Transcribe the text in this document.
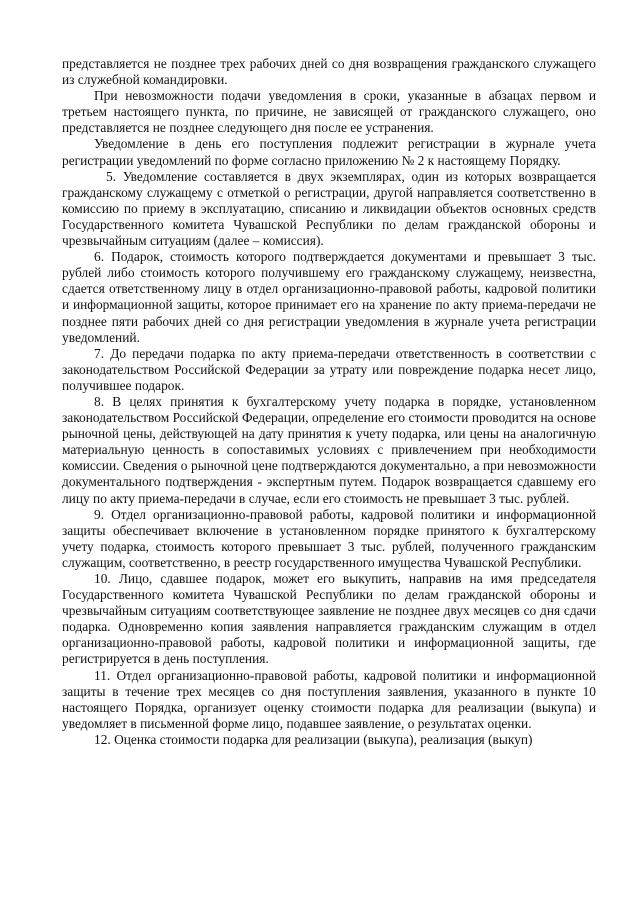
представляется не позднее трех рабочих дней со дня возвращения гражданского служащего из служебной командировки.

При невозможности подачи уведомления в сроки, указанные в абзацах первом и третьем настоящего пункта, по причине, не зависящей от гражданского служащего, оно представляется не позднее следующего дня после ее устранения.

Уведомление в день его поступления подлежит регистрации в журнале учета регистрации уведомлений по форме согласно приложению № 2 к настоящему Порядку.

5. Уведомление составляется в двух экземплярах, один из которых возвращается гражданскому служащему с отметкой о регистрации, другой направляется соответственно в комиссию по приему в эксплуатацию, списанию и ликвидации объектов основных средств Государственного комитета Чувашской Республики по делам гражданской обороны и чрезвычайным ситуациям (далее – комиссия).

6. Подарок, стоимость которого подтверждается документами и превышает 3 тыс. рублей либо стоимость которого получившему его гражданскому служащему, неизвестна, сдается ответственному лицу в отдел организационно-правовой работы, кадровой политики и информационной защиты, которое принимает его на хранение по акту приема-передачи не позднее пяти рабочих дней со дня регистрации уведомления в журнале учета регистрации уведомлений.

7. До передачи подарка по акту приема-передачи ответственность в соответствии с законодательством Российской Федерации за утрату или повреждение подарка несет лицо, получившее подарок.

8. В целях принятия к бухгалтерскому учету подарка в порядке, установленном законодательством Российской Федерации, определение его стоимости проводится на основе рыночной цены, действующей на дату принятия к учету подарка, или цены на аналогичную материальную ценность в сопоставимых условиях с привлечением при необходимости комиссии. Сведения о рыночной цене подтверждаются документально, а при невозможности документального подтверждения - экспертным путем. Подарок возвращается сдавшему его лицу по акту приема-передачи в случае, если его стоимость не превышает 3 тыс. рублей.

9. Отдел организационно-правовой работы, кадровой политики и информационной защиты обеспечивает включение в установленном порядке принятого к бухгалтерскому учету подарка, стоимость которого превышает 3 тыс. рублей, полученного гражданским служащим, соответственно, в реестр государственного имущества Чувашской Республики.

10. Лицо, сдавшее подарок, может его выкупить, направив на имя председателя Государственного комитета Чувашской Республики по делам гражданской обороны и чрезвычайным ситуациям соответствующее заявление не позднее двух месяцев со дня сдачи подарка. Одновременно копия заявления направляется гражданским служащим в отдел организационно-правовой работы, кадровой политики и информационной защиты, где регистрируется в день поступления.

11. Отдел организационно-правовой работы, кадровой политики и информационной защиты в течение трех месяцев со дня поступления заявления, указанного в пункте 10 настоящего Порядка, организует оценку стоимости подарка для реализации (выкупа) и уведомляет в письменной форме лицо, подавшее заявление, о результатах оценки.

12. Оценка стоимости подарка для реализации (выкупа), реализация (выкуп)
